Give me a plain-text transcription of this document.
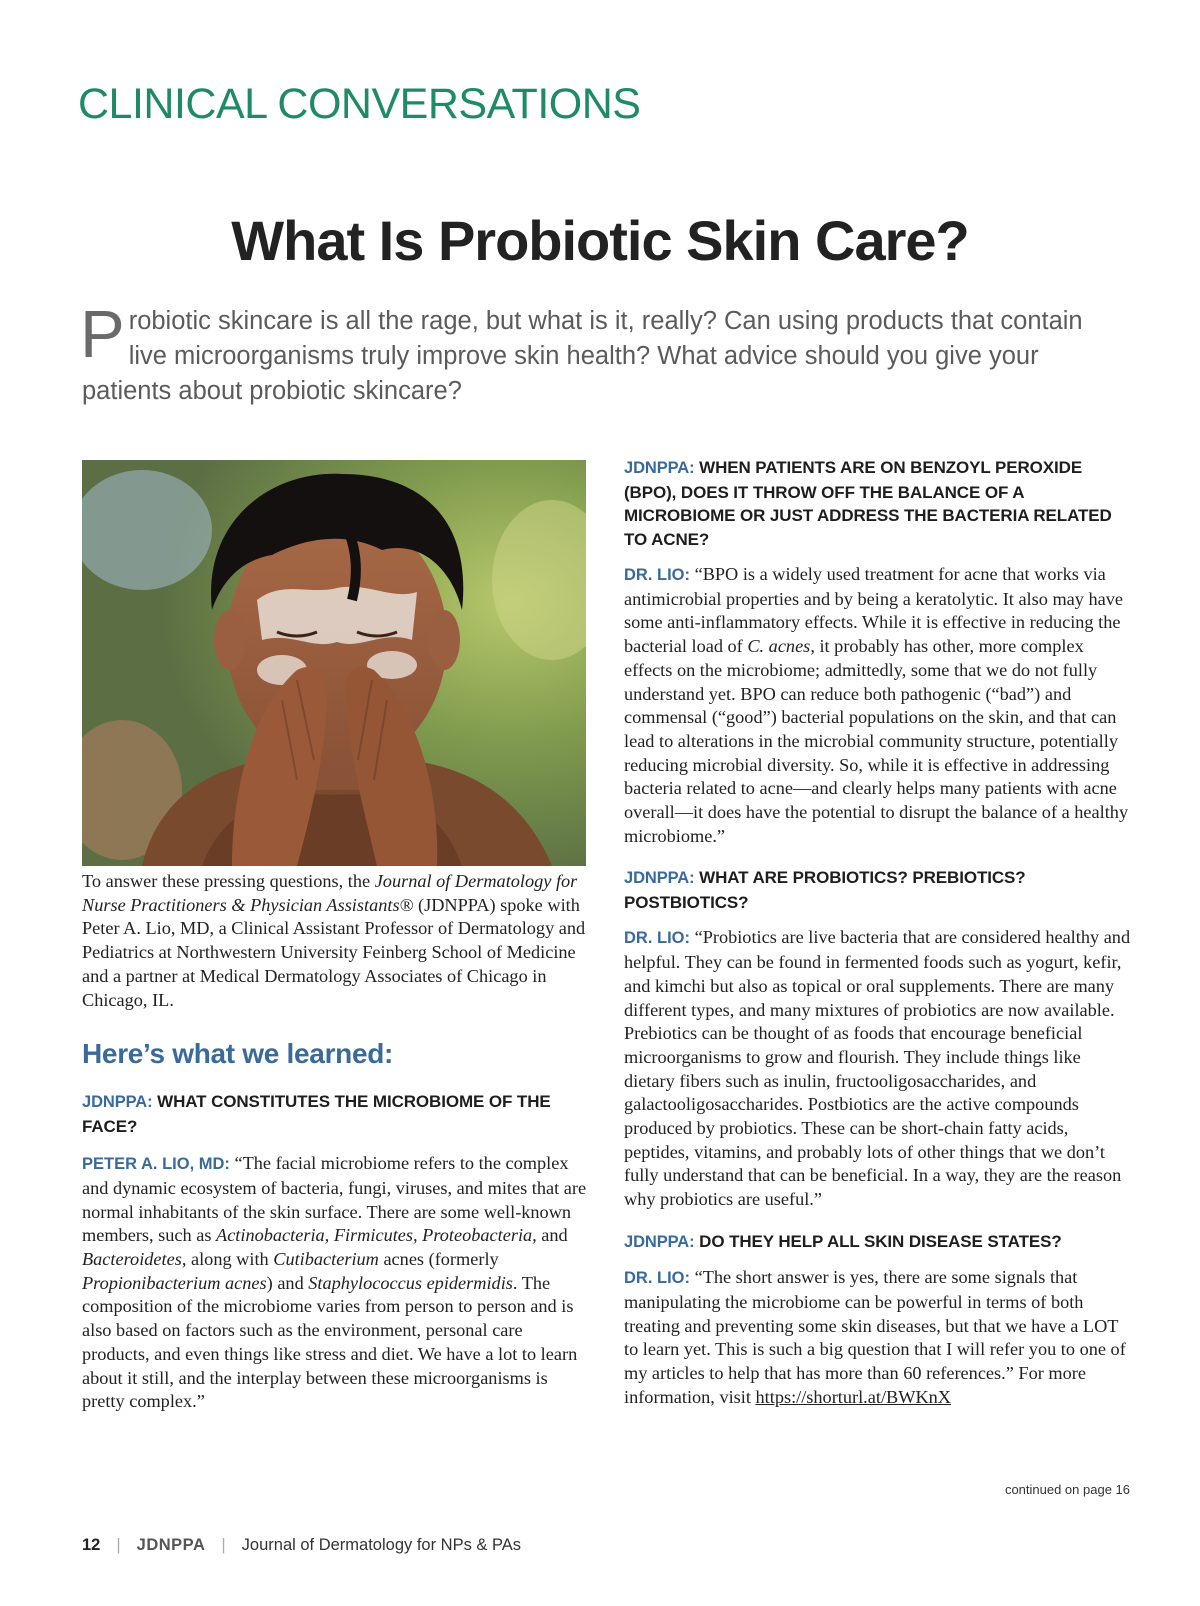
CLINICAL CONVERSATIONS
What Is Probiotic Skin Care?
Probiotic skincare is all the rage, but what is it, really? Can using products that contain live microorganisms truly improve skin health? What advice should you give your patients about probiotic skincare?

To answer these pressing questions, the Journal of Dermatology for Nurse Practitioners & Physician Assistants® (JDNPPA) spoke with Peter A. Lio, MD, a Clinical Assistant Professor of Dermatology and Pediatrics at Northwestern University Feinberg School of Medicine and a partner at Medical Dermatology Associates of Chicago in Chicago, IL.

Here’s what we learned:

JDNPPA: WHAT CONSTITUTES THE MICROBIOME OF THE FACE?

PETER A. LIO, MD: “The facial microbiome refers to the complex and dynamic ecosystem of bacteria, fungi, viruses, and mites that are normal inhabitants of the skin surface. There are some well-known members, such as Actinobacteria, Firmicutes, Proteobacteria, and Bacteroidetes, along with Cutibacterium acnes (formerly Propionibacterium acnes) and Staphylococcus epidermidis. The composition of the microbiome varies from person to person and is also based on factors such as the environment, personal care products, and even things like stress and diet. We have a lot to learn about it still, and the interplay between these microorganisms is pretty complex.”

JDNPPA: WHEN PATIENTS ARE ON BENZOYL PEROXIDE (BPO), DOES IT THROW OFF THE BALANCE OF A MICROBIOME OR JUST ADDRESS THE BACTERIA RELATED TO ACNE?

DR. LIO: “BPO is a widely used treatment for acne that works via antimicrobial properties and by being a keratolytic. It also may have some anti-inflammatory effects. While it is effective in reducing the bacterial load of C. acnes, it probably has other, more complex effects on the microbiome; admittedly, some that we do not fully understand yet. BPO can reduce both pathogenic (“bad”) and commensal (“good”) bacterial populations on the skin, and that can lead to alterations in the microbial community structure, potentially reducing microbial diversity. So, while it is effective in addressing bacteria related to acne—and clearly helps many patients with acne overall—it does have the potential to disrupt the balance of a healthy microbiome.”

JDNPPA: WHAT ARE PROBIOTICS? PREBIOTICS? POSTBIOTICS?

DR. LIO: “Probiotics are live bacteria that are considered healthy and helpful. They can be found in fermented foods such as yogurt, kefir, and kimchi but also as topical or oral supplements. There are many different types, and many mixtures of probiotics are now available. Prebiotics can be thought of as foods that encourage beneficial microorganisms to grow and flourish. They include things like dietary fibers such as inulin, fructooligosaccharides, and galactooligosaccharides. Postbiotics are the active compounds produced by probiotics. These can be short-chain fatty acids, peptides, vitamins, and probably lots of other things that we don’t fully understand that can be beneficial. In a way, they are the reason why probiotics are useful.”

JDNPPA: DO THEY HELP ALL SKIN DISEASE STATES?

DR. LIO: “The short answer is yes, there are some signals that manipulating the microbiome can be powerful in terms of both treating and preventing some skin diseases, but that we have a LOT to learn yet. This is such a big question that I will refer you to one of my articles to help that has more than 60 references.” For more information, visit https://shorturl.at/BWKnX

continued on page 16
12 | JDNPPA | Journal of Dermatology for NPs & PAs
